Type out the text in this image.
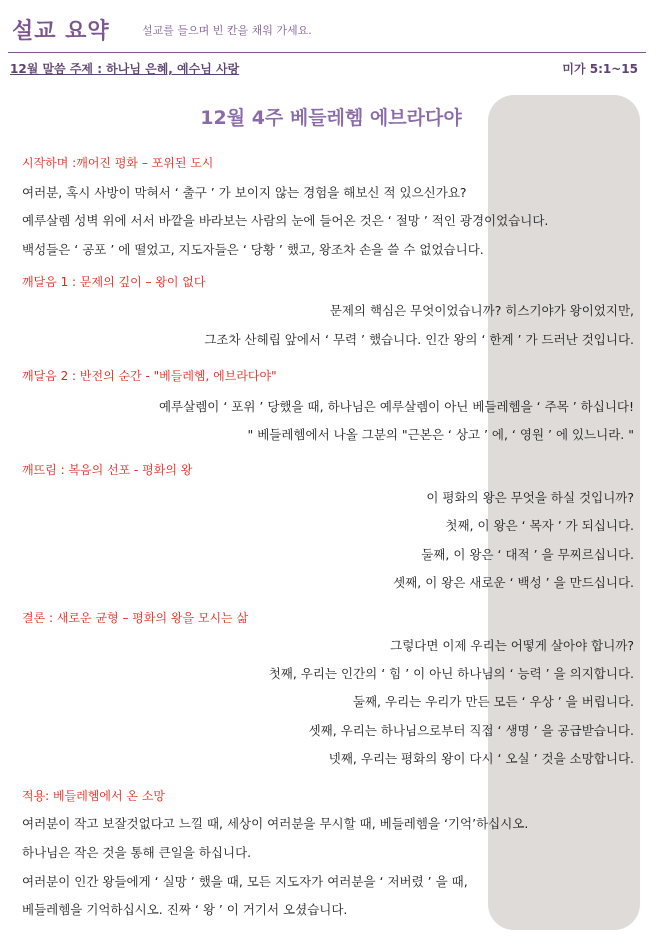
설교 요약	설교를 들으며 빈 칸을 채워 가세요.
12월 말씀 주제 : 하나님 은혜, 예수님 사랑	미가 5:1~15
12월 4주 베들레헴 에브라다야
시작하며 :깨어진 평화 – 포위된 도시
여러분, 혹시 사방이 막혀서 ‘ 출구 ’ 가 보이지 않는 경험을 해보신 적 있으신가요?
예루살렘 성벽 위에 서서 바깥을 바라보는 사람의 눈에 들어온 것은 ‘ 절망 ’ 적인 광경이었습니다.
백성들은 ‘ 공포 ’ 에 떨었고, 지도자들은 ‘ 당황 ’ 했고, 왕조차 손을 쓸 수 없었습니다.
깨달음 1 : 문제의 깊이 – 왕이 없다
문제의 핵심은 무엇이었습니까? 히스기야가 왕이었지만,
그조차 산헤립 앞에서 ‘ 무력 ’ 했습니다. 인간 왕의 ‘ 한계 ’ 가 드러난 것입니다.
깨달음 2 : 반전의 순간 - "베들레헴, 에브라다야"
예루살렘이 ‘ 포위 ’ 당했을 때, 하나님은 예루살렘이 아닌 베들레헴을 ‘ 주목 ’ 하십니다!
" 베들레헴에서 나올 그분의 "근본은 ‘ 상고 ’ 에, ‘ 영원 ’ 에 있느니라. "
깨뜨림 : 복음의 선포 - 평화의 왕
이 평화의 왕은 무엇을 하실 것입니까?
첫째, 이 왕은 ‘ 목자 ’ 가 되십니다.
둘째, 이 왕은 ‘ 대적 ’ 을 무찌르십니다.
셋째, 이 왕은 새로운 ‘ 백성 ’ 을 만드십니다.
결론 : 새로운 균형 – 평화의 왕을 모시는 삶
그렇다면 이제 우리는 어떻게 살아야 합니까?
첫째, 우리는 인간의 ‘ 힘 ’ 이 아닌 하나님의 ‘ 능력 ’ 을 의지합니다.
둘째, 우리는 우리가 만든 모든 ‘ 우상 ’ 을 버립니다.
셋째, 우리는 하나님으로부터 직접 ‘ 생명 ’ 을 공급받습니다.
넷째, 우리는 평화의 왕이 다시 ‘ 오실 ’ 것을 소망합니다.
적용: 베들레헴에서 온 소망
여러분이 작고 보잘것없다고 느낄 때, 세상이 여러분을 무시할 때, 베들레헴을 ‘기억’하십시오.
하나님은 작은 것을 통해 큰일을 하십니다.
여러분이 인간 왕들에게 ‘ 실망 ’ 했을 때, 모든 지도자가 여러분을 ‘ 저버렸 ’ 을 때,
베들레헴을 기억하십시오. 진짜 ‘ 왕 ’ 이 거기서 오셨습니다.
